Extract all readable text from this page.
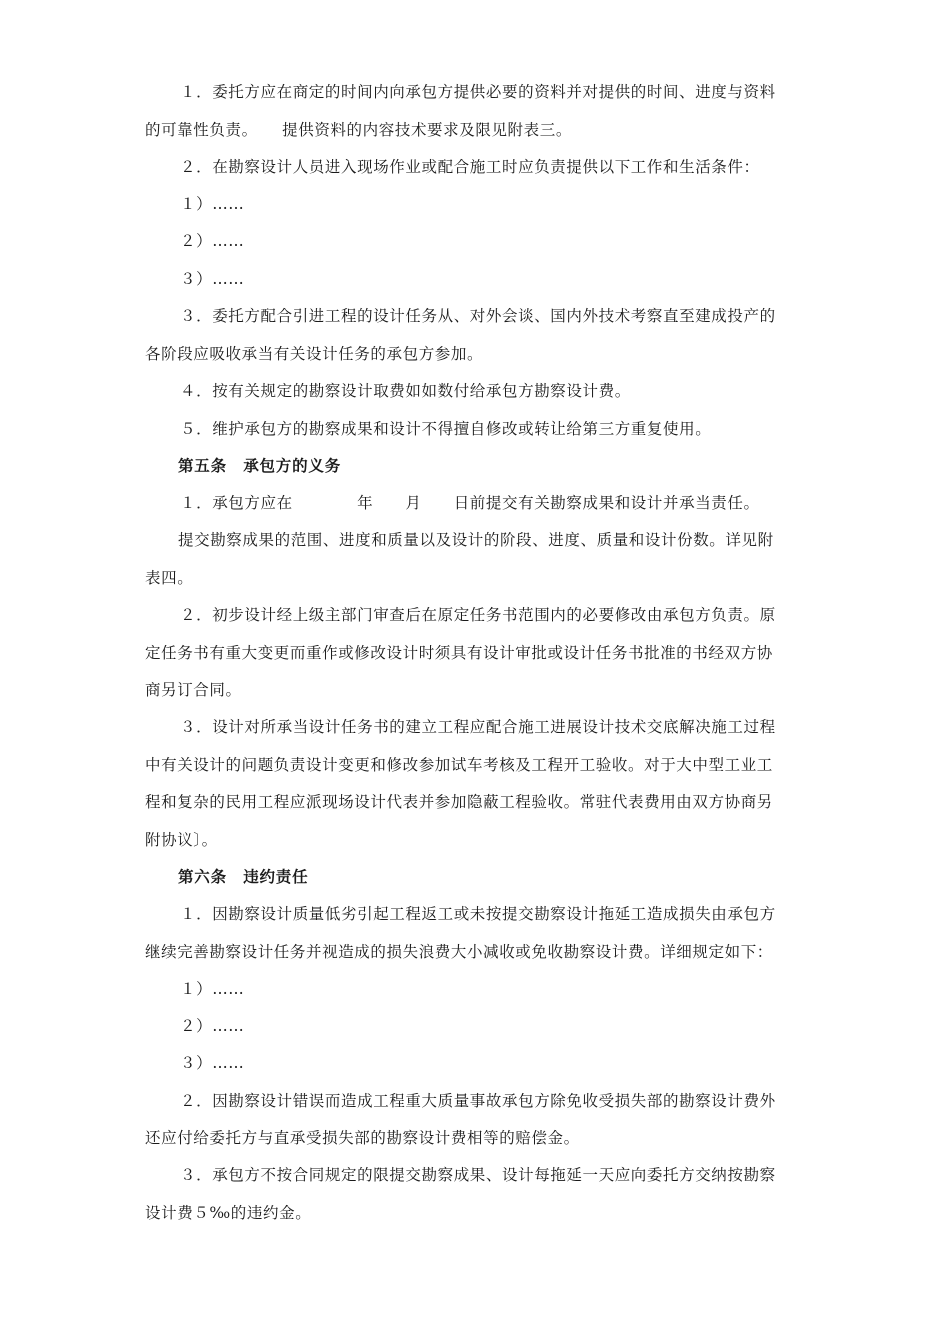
１．委托方应在商定的时间内向承包方提供必要的资料并对提供的时间、进度与资料
的可靠性负责。　　提供资料的内容技术要求及限见附表三。
２．在勘察设计人员进入现场作业或配合施工时应负责提供以下工作和生活条件：
１）……
２）……
３）……
３．委托方配合引进工程的设计任务从、对外会谈、国内外技术考察直至建成投产的
各阶段应吸收承当有关设计任务的承包方参加。
４．按有关规定的勘察设计取费如如数付给承包方勘察设计费。
５．维护承包方的勘察成果和设计不得擅自修改或转让给第三方重复使用。
第五条　承包方的义务
１．承包方应在　　　　年　　月　　日前提交有关勘察成果和设计并承当责任。
提交勘察成果的范围、进度和质量以及设计的阶段、进度、质量和设计份数。详见附
表四。
２．初步设计经上级主部门审查后在原定任务书范围内的必要修改由承包方负责。原
定任务书有重大变更而重作或修改设计时须具有设计审批或设计任务书批准的书经双方协
商另订合同。
３．设计对所承当设计任务书的建立工程应配合施工进展设计技术交底解决施工过程
中有关设计的问题负责设计变更和修改参加试车考核及工程开工验收。对于大中型工业工
程和复杂的民用工程应派现场设计代表并参加隐蔽工程验收。常驻代表费用由双方协商另
附协议〕。
第六条　违约责任
１．因勘察设计质量低劣引起工程返工或未按提交勘察设计拖延工造成损失由承包方
继续完善勘察设计任务并视造成的损失浪费大小减收或免收勘察设计费。详细规定如下：
１）……
２）……
３）……
２．因勘察设计错误而造成工程重大质量事故承包方除免收受损失部的勘察设计费外
还应付给委托方与直承受损失部的勘察设计费相等的赔偿金。
３．承包方不按合同规定的限提交勘察成果、设计每拖延一天应向委托方交纳按勘察
设计费５‰的违约金。
